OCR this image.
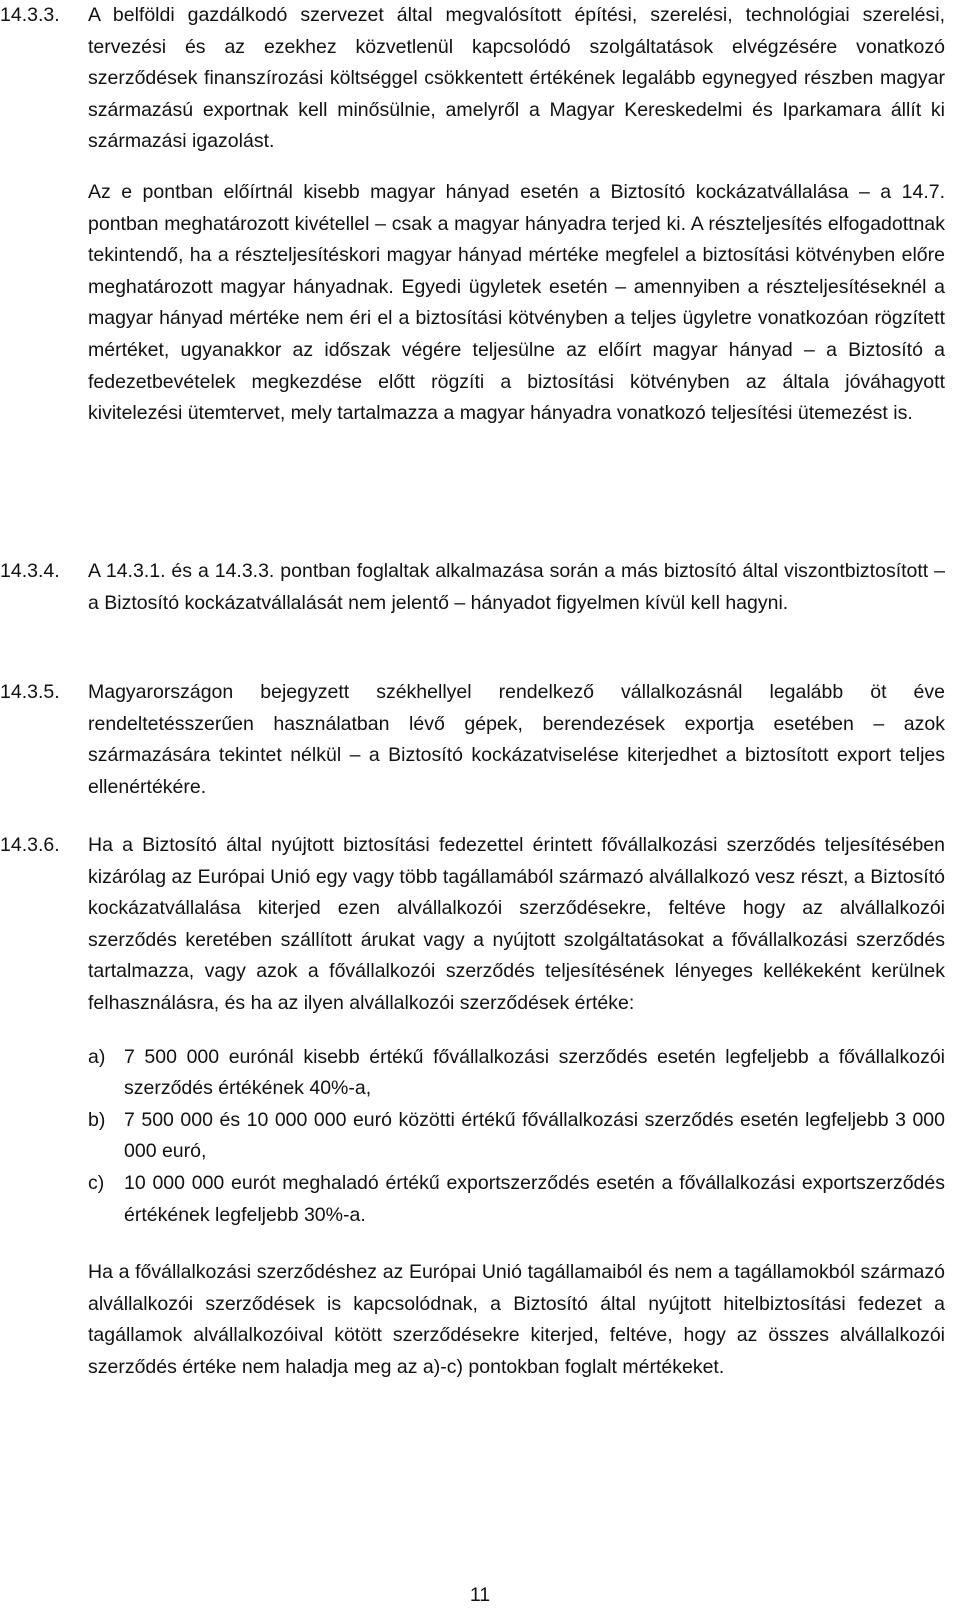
14.3.3.	A belföldi gazdálkodó szervezet által megvalósított építési, szerelési, technológiai szerelési, tervezési és az ezekhez közvetlenül kapcsolódó szolgáltatások elvégzésére vonatkozó szerződések finanszírozási költséggel csökkentett értékének legalább egynegyed részben magyar származású exportnak kell minősülnie, amelyről a Magyar Kereskedelmi és Iparkamara állít ki származási igazolást.

Az e pontban előírtnál kisebb magyar hányad esetén a Biztosító kockázatvállalása – a 14.7. pontban meghatározott kivétellel – csak a magyar hányadra terjed ki. A részteljesítés elfogadottnak tekintendő, ha a részteljesítéskori magyar hányad mértéke megfelel a biztosítási kötvényben előre meghatározott magyar hányadnak. Egyedi ügyletek esetén – amennyiben a részteljesítéseknél a magyar hányad mértéke nem éri el a biztosítási kötvényben a teljes ügyletre vonatkozóan rögzített mértéket, ugyanakkor az időszak végére teljesülne az előírt magyar hányad – a Biztosító a fedezetbevételek megkezdése előtt rögzíti a biztosítási kötvényben az általa jóváhagyott kivitelezési ütemtervet, mely tartalmazza a magyar hányadra vonatkozó teljesítési ütemezést is.

14.3.4.	A 14.3.1. és a 14.3.3. pontban foglaltak alkalmazása során a más biztosító által viszontbiztosított – a Biztosító kockázatvállalását nem jelentő – hányadot figyelmen kívül kell hagyni.

14.3.5.	Magyarországon bejegyzett székhellyel rendelkező vállalkozásnál legalább öt éve rendeltetésszerűen használatban lévő gépek, berendezések exportja esetében – azok származására tekintet nélkül – a Biztosító kockázatviselése kiterjedhet a biztosított export teljes ellenértékére.

14.3.6.	Ha a Biztosító által nyújtott biztosítási fedezettel érintett fővállalkozási szerződés teljesítésében kizárólag az Európai Unió egy vagy több tagállamából származó alvállalkozó vesz részt, a Biztosító kockázatvállalása kiterjed ezen alvállalkozói szerződésekre, feltéve hogy az alvállalkozói szerződés keretében szállított árukat vagy a nyújtott szolgáltatásokat a fővállalkozási szerződés tartalmazza, vagy azok a fővállalkozói szerződés teljesítésének lényeges kellékeként kerülnek felhasználásra, és ha az ilyen alvállalkozói szerződések értéke:

a) 7 500 000 eurónál kisebb értékű fővállalkozási szerződés esetén legfeljebb a fővállalkozói szerződés értékének 40%-a,
b) 7 500 000 és 10 000 000 euró közötti értékű fővállalkozási szerződés esetén legfeljebb 3 000 000 euró,
c) 10 000 000 eurót meghaladó értékű exportszerződés esetén a fővállalkozási exportszerződés értékének legfeljebb 30%-a.

Ha a fővállalkozási szerződéshez az Európai Unió tagállamaiból és nem a tagállamokból származó alvállalkozói szerződések is kapcsolódnak, a Biztosító által nyújtott hitelbiztosítási fedezet a tagállamok alvállalkozóival kötött szerződésekre kiterjed, feltéve, hogy az összes alvállalkozói szerződés értéke nem haladja meg az a)-c) pontokban foglalt mértékeket.

11
